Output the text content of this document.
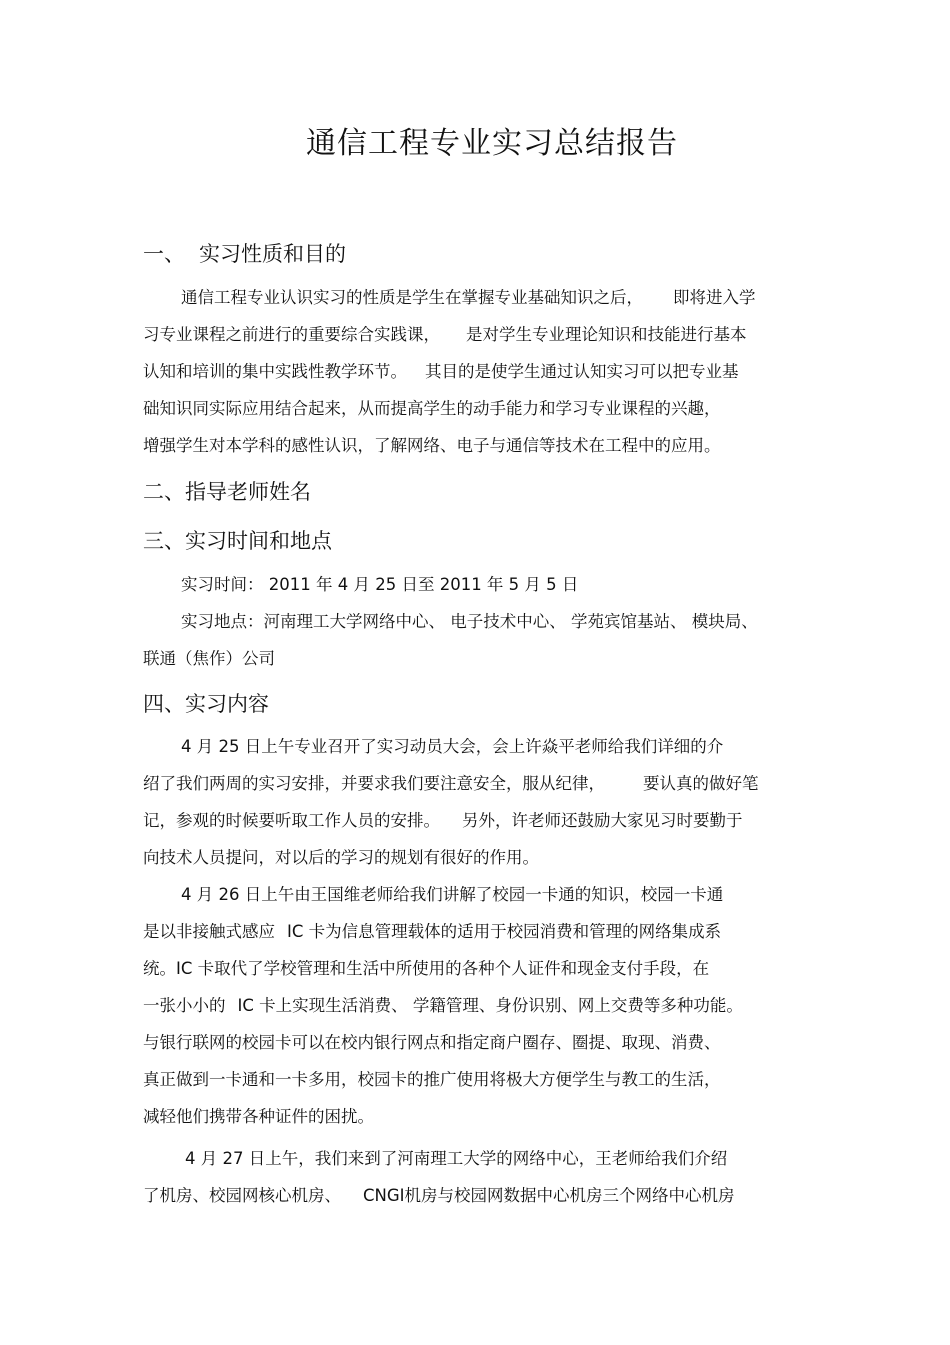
通信工程专业实习总结报告
一、 实习性质和目的

通信工程专业认识实习的性质是学生在掌握专业基础知识之后， 即将进入学

习专业课程之前进行的重要综合实践课， 是对学生专业理论知识和技能进行基本

认知和培训的集中实践性教学环节。 其目的是使学生通过认知实习可以把专业基

础知识同实际应用结合起来，从而提高学生的动手能力和学习专业课程的兴趣，

增强学生对本学科的感性认识，了解网络、电子与通信等技术在工程中的应用。

二、指导老师姓名
三、实习时间和地点

实习时间： 2011 年 4 月 25 日至 2011 年 5 月 5 日

实习地点：河南理工大学网络中心、 电子技术中心、 学苑宾馆基站、 模块局、

联通（焦作）公司

四、实习内容

4 月 25 日上午专业召开了实习动员大会，会上许焱平老师给我们详细的介

绍了我们两周的实习安排，并要求我们要注意安全，服从纪律， 要认真的做好笔

记，参观的时候要听取工作人员的安排。 另外，许老师还鼓励大家见习时要勤于

向技术人员提问，对以后的学习的规划有很好的作用。

4 月 26 日上午由王国维老师给我们讲解了校园一卡通的知识，校园一卡通

是以非接触式感应 IC 卡为信息管理载体的适用于校园消费和管理的网络集成系

统。IC 卡取代了学校管理和生活中所使用的各种个人证件和现金支付手段，在

一张小小的 IC 卡上实现生活消费、 学籍管理、身份识别、网上交费等多种功能。

与银行联网的校园卡可以在校内银行网点和指定商户圈存、圈提、取现、消费、

真正做到一卡通和一卡多用，校园卡的推广使用将极大方便学生与教工的生活，

减轻他们携带各种证件的困扰。

4 月 27 日上午，我们来到了河南理工大学的网络中心，王老师给我们介绍

了机房、校园网核心机房、 CNGI机房与校园网数据中心机房三个网络中心机房
